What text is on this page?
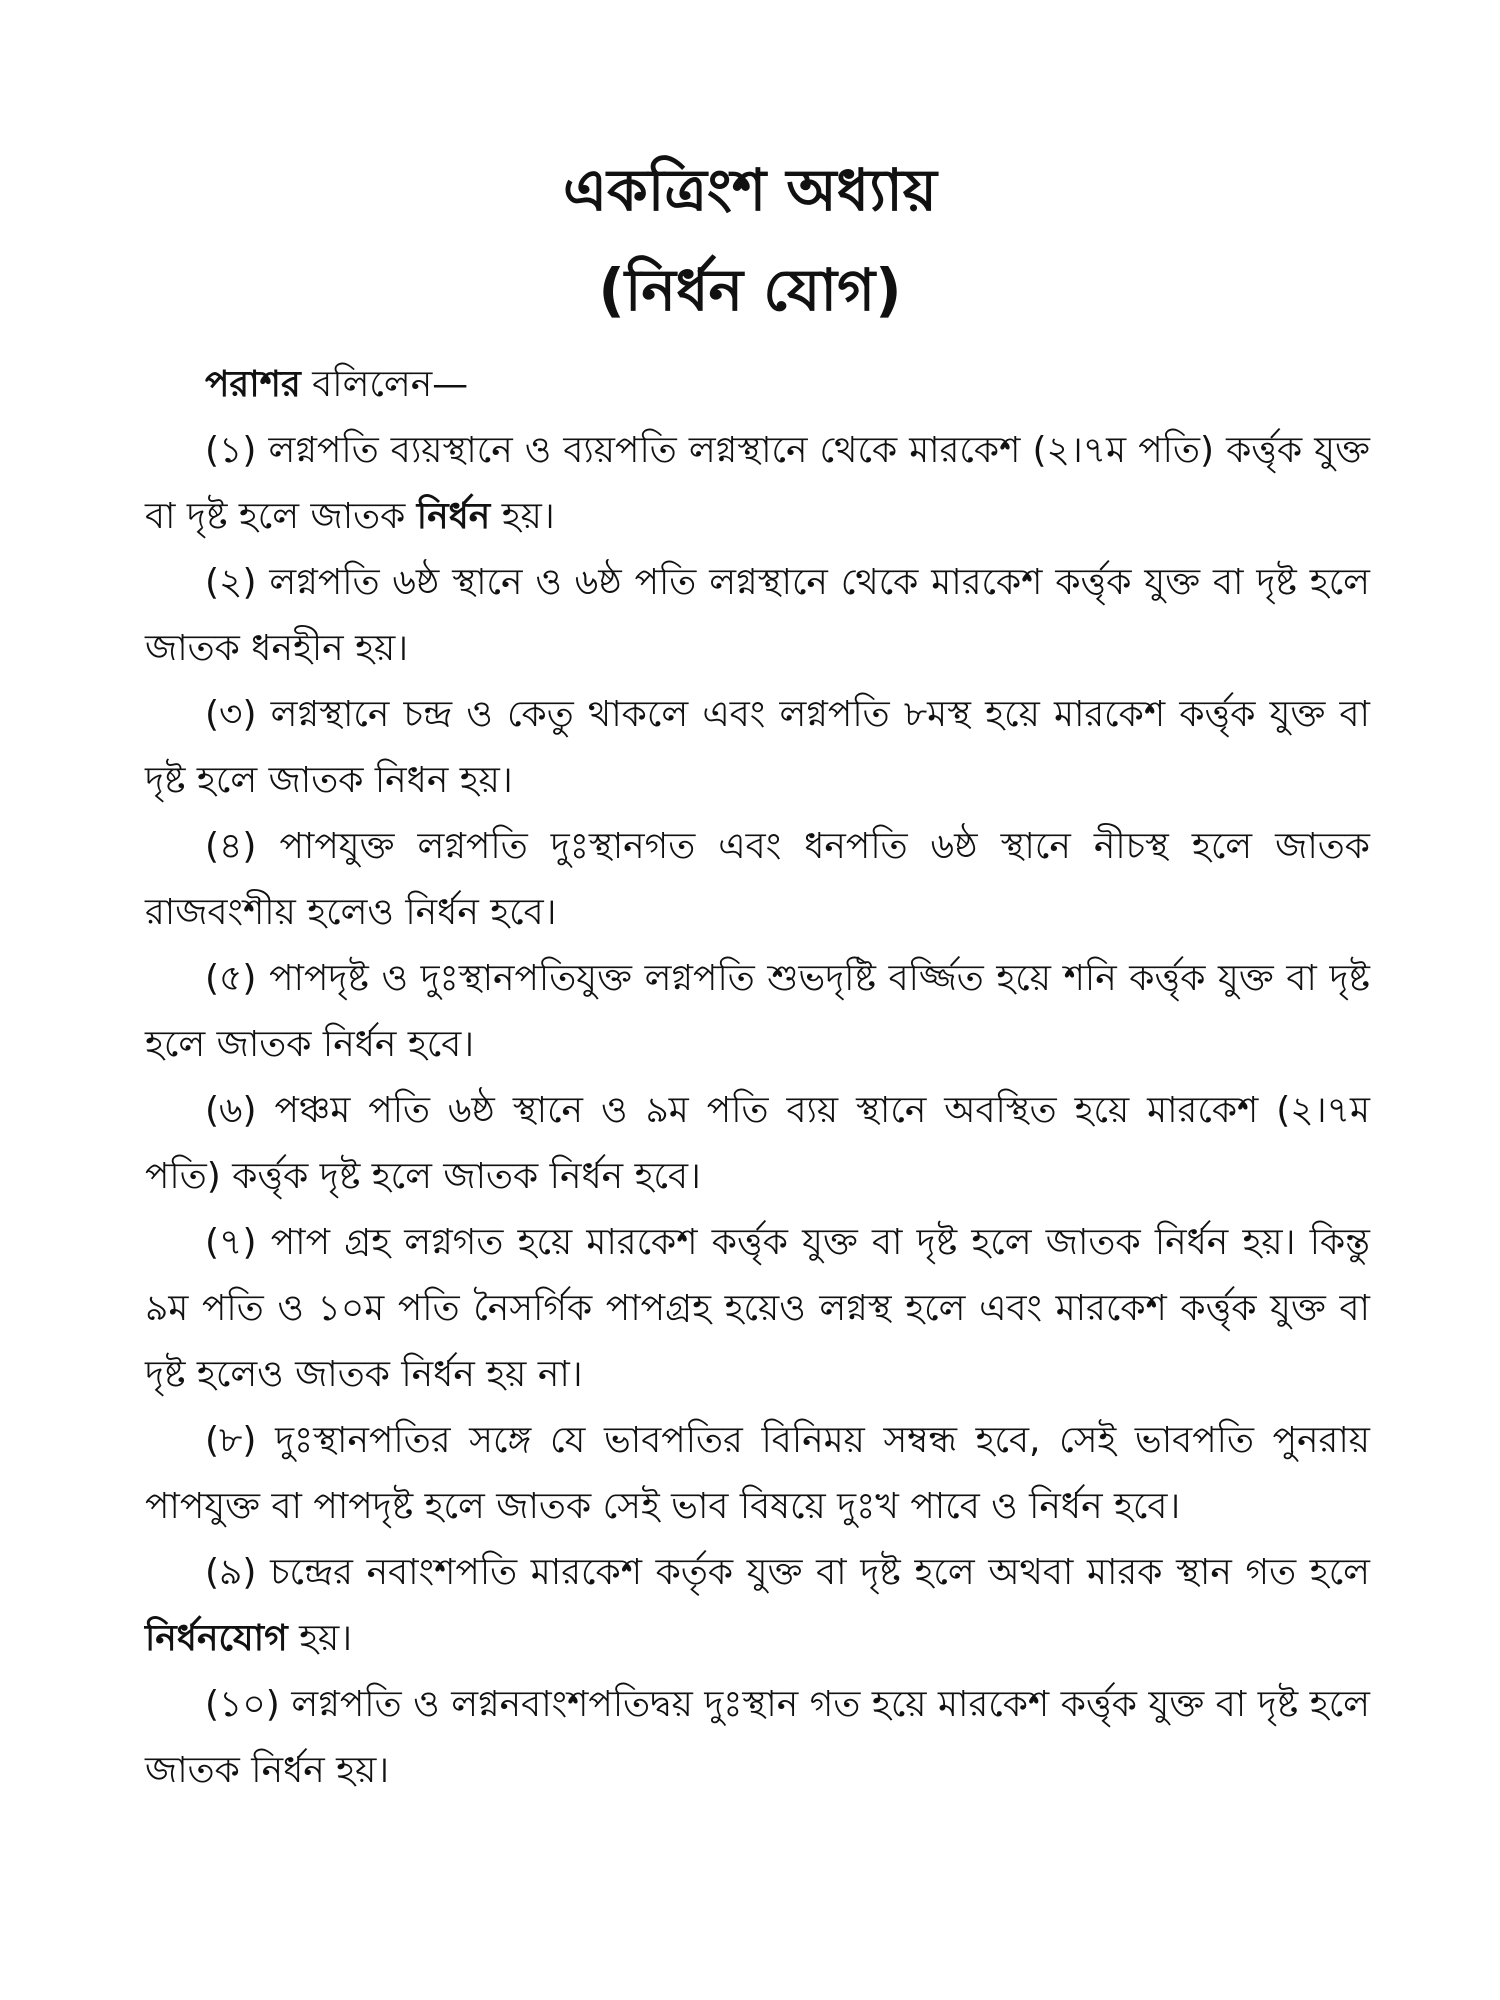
একত্রিংশ অধ্যায়
(নির্ধন যোগ)

পরাশর বলিলেন—

(১) লগ্নপতি ব্যয়স্থানে ও ব্যয়পতি লগ্নস্থানে থেকে মারকেশ (২।৭ম পতি) কর্ত্তৃক যুক্ত বা দৃষ্ট হলে জাতক নির্ধন হয়।

(২) লগ্নপতি ৬ষ্ঠ স্থানে ও ৬ষ্ঠ পতি লগ্নস্থানে থেকে মারকেশ কর্ত্তৃক যুক্ত বা দৃষ্ট হলে জাতক ধনহীন হয়।

(৩) লগ্নস্থানে চন্দ্র ও কেতু থাকলে এবং লগ্নপতি ৮মস্থ হয়ে মারকেশ কর্ত্তৃক যুক্ত বা দৃষ্ট হলে জাতক নিধন হয়।

(৪) পাপযুক্ত লগ্নপতি দুঃস্থানগত এবং ধনপতি ৬ষ্ঠ স্থানে নীচস্থ হলে জাতক রাজবংশীয় হলেও নির্ধন হবে।

(৫) পাপদৃষ্ট ও দুঃস্থানপতিযুক্ত লগ্নপতি শুভদৃষ্টি বর্জ্জিত হয়ে শনি কর্ত্তৃক যুক্ত বা দৃষ্ট হলে জাতক নির্ধন হবে।

(৬) পঞ্চম পতি ৬ষ্ঠ স্থানে ও ৯ম পতি ব্যয় স্থানে অবস্থিত হয়ে মারকেশ (২।৭ম পতি) কর্ত্তৃক দৃষ্ট হলে জাতক নির্ধন হবে।

(৭) পাপ গ্রহ লগ্নগত হয়ে মারকেশ কর্ত্তৃক যুক্ত বা দৃষ্ট হলে জাতক নির্ধন হয়। কিন্তু ৯ম পতি ও ১০ম পতি নৈসর্গিক পাপগ্রহ হয়েও লগ্নস্থ হলে এবং মারকেশ কর্ত্তৃক যুক্ত বা দৃষ্ট হলেও জাতক নির্ধন হয় না।

(৮) দুঃস্থানপতির সঙ্গে যে ভাবপতির বিনিময় সম্বন্ধ হবে, সেই ভাবপতি পুনরায় পাপযুক্ত বা পাপদৃষ্ট হলে জাতক সেই ভাব বিষয়ে দুঃখ পাবে ও নির্ধন হবে।

(৯) চন্দ্রের নবাংশপতি মারকেশ কর্তৃক যুক্ত বা দৃষ্ট হলে অথবা মারক স্থান গত হলে নির্ধনযোগ হয়।

(১০) লগ্নপতি ও লগ্ননবাংশপতিদ্বয় দুঃস্থান গত হয়ে মারকেশ কর্ত্তৃক যুক্ত বা দৃষ্ট হলে জাতক নির্ধন হয়।
